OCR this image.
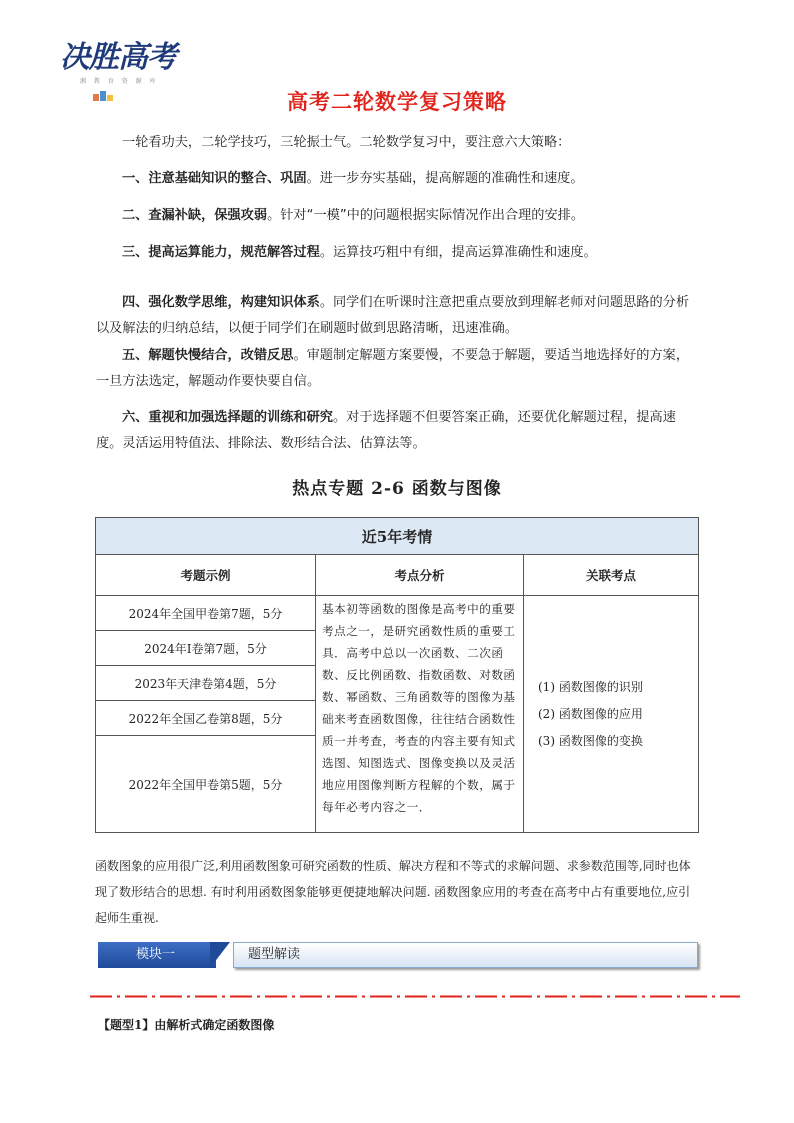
决胜高考
湘 教 育 资 源 库
高考二轮数学复习策略
一轮看功夫，二轮学技巧，三轮振士气。二轮数学复习中，要注意六大策略：
一、注意基础知识的整合、巩固。进一步夯实基础，提高解题的准确性和速度。
二、查漏补缺，保强攻弱。针对“一模”中的问题根据实际情况作出合理的安排。
三、提高运算能力，规范解答过程。运算技巧粗中有细，提高运算准确性和速度。
四、强化数学思维，构建知识体系。同学们在听课时注意把重点要放到理解老师对问题思路的分析以及解法的归纳总结，以便于同学们在刷题时做到思路清晰，迅速准确。
五、解题快慢结合，改错反思。审题制定解题方案要慢，不要急于解题，要适当地选择好的方案，一旦方法选定，解题动作要快要自信。
六、重视和加强选择题的训练和研究。对于选择题不但要答案正确，还要优化解题过程，提高速度。灵活运用特值法、排除法、数形结合法、估算法等。
热点专题 2-6 函数与图像
近5年考情		
考题示例	考点分析	关联考点
2024年全国甲卷第7题，5分	基本初等函数的图像是高考中的重要考点之一，是研究函数性质的重要工具．高考中总以一次函数、二次函数、反比例函数、指数函数、对数函数、幂函数、三角函数等的图像为基础来考查函数图像，往往结合函数性质一并考查，考查的内容主要有知式选图、知图选式、图像变换以及灵活地应用图像判断方程解的个数，属于每年必考内容之一．	(1) 函数图像的识别
(2) 函数图像的应用
(3) 函数图像的变换

2024年I卷第7题，5分		
2023年天津卷第4题，5分		
2022年全国乙卷第8题，5分		
2022年全国甲卷第5题，5分		
函数图象的应用很广泛,利用函数图象可研究函数的性质、解决方程和不等式的求解问题、求参数范围等,同时也体现了数形结合的思想. 有时利用函数图象能够更便捷地解决问题. 函数图象应用的考查在高考中占有重要地位,应引起师生重视.
模块一	题型解读
【题型1】由解析式确定函数图像
